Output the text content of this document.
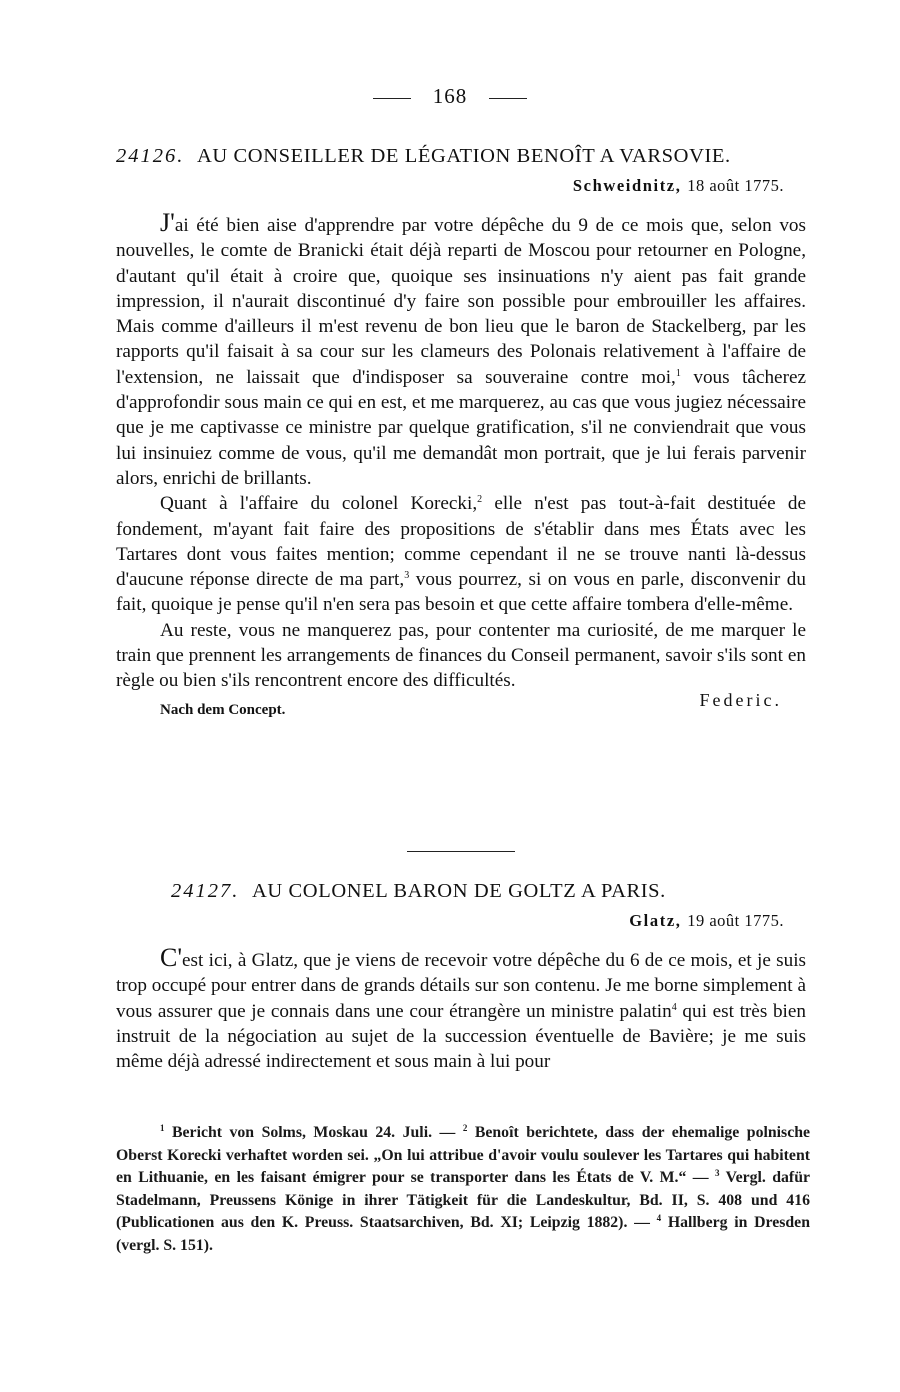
168
24126. AU CONSEILLER DE LÉGATION BENOÎT A VARSOVIE.
Schweidnitz, 18 août 1775.

J'ai été bien aise d'apprendre par votre dépêche du 9 de ce mois que, selon vos nouvelles, le comte de Branicki était déjà reparti de Moscou pour retourner en Pologne, d'autant qu'il était à croire que, quoique ses insinuations n'y aient pas fait grande impression, il n'aurait discontinué d'y faire son possible pour embrouiller les affaires. Mais comme d'ailleurs il m'est revenu de bon lieu que le baron de Stackelberg, par les rapports qu'il faisait à sa cour sur les clameurs des Polonais relativement à l'affaire de l'extension, ne laissait que d'indisposer sa souveraine contre moi,$^1$ vous tâcherez d'approfondir sous main ce qui en est, et me marquerez, au cas que vous jugiez nécessaire que je me captivasse ce ministre par quelque gratification, s'il ne conviendrait que vous lui insinuiez comme de vous, qu'il me demandât mon portrait, que je lui ferais parvenir alors, enrichi de brillants.

Quant à l'affaire du colonel Korecki,$^2$ elle n'est pas tout-à-fait destituée de fondement, m'ayant fait faire des propositions de s'établir dans mes États avec les Tartares dont vous faites mention; comme cependant il ne se trouve nanti là-dessus d'aucune réponse directe de ma part,$^3$ vous pourrez, si on vous en parle, disconvenir du fait, quoique je pense qu'il n'en sera pas besoin et que cette affaire tombera d'elle-même.

Au reste, vous ne manquerez pas, pour contenter ma curiosité, de me marquer le train que prennent les arrangements de finances du Conseil permanent, savoir s'ils sont en règle ou bien s'ils rencontrent encore des difficultés.

Nach dem Concept.	Federic.
24127. AU COLONEL BARON DE GOLTZ A PARIS.
Glatz, 19 août 1775.

C'est ici, à Glatz, que je viens de recevoir votre dépêche du 6 de ce mois, et je suis trop occupé pour entrer dans de grands détails sur son contenu. Je me borne simplement à vous assurer que je connais dans une cour étrangère un ministre palatin$^4$ qui est très bien instruit de la négociation au sujet de la succession éventuelle de Bavière; je me suis même déjà adressé indirectement et sous main à lui pour

$^1$ Bericht von Solms, Moskau 24. Juli. — $^2$ Benoît berichtete, dass der ehemalige polnische Oberst Korecki verhaftet worden sei. „On lui attribue d'avoir voulu soulever les Tartares qui habitent en Lithuanie, en les faisant émigrer pour se transporter dans les États de V. M.“ — $^3$ Vergl. dafür Stadelmann, Preussens Könige in ihrer Tätigkeit für die Landeskultur, Bd. II, S. 408 und 416 (Publicationen aus den K. Preuss. Staatsarchiven, Bd. XI; Leipzig 1882). — $^4$ Hallberg in Dresden (vergl. S. 151).
